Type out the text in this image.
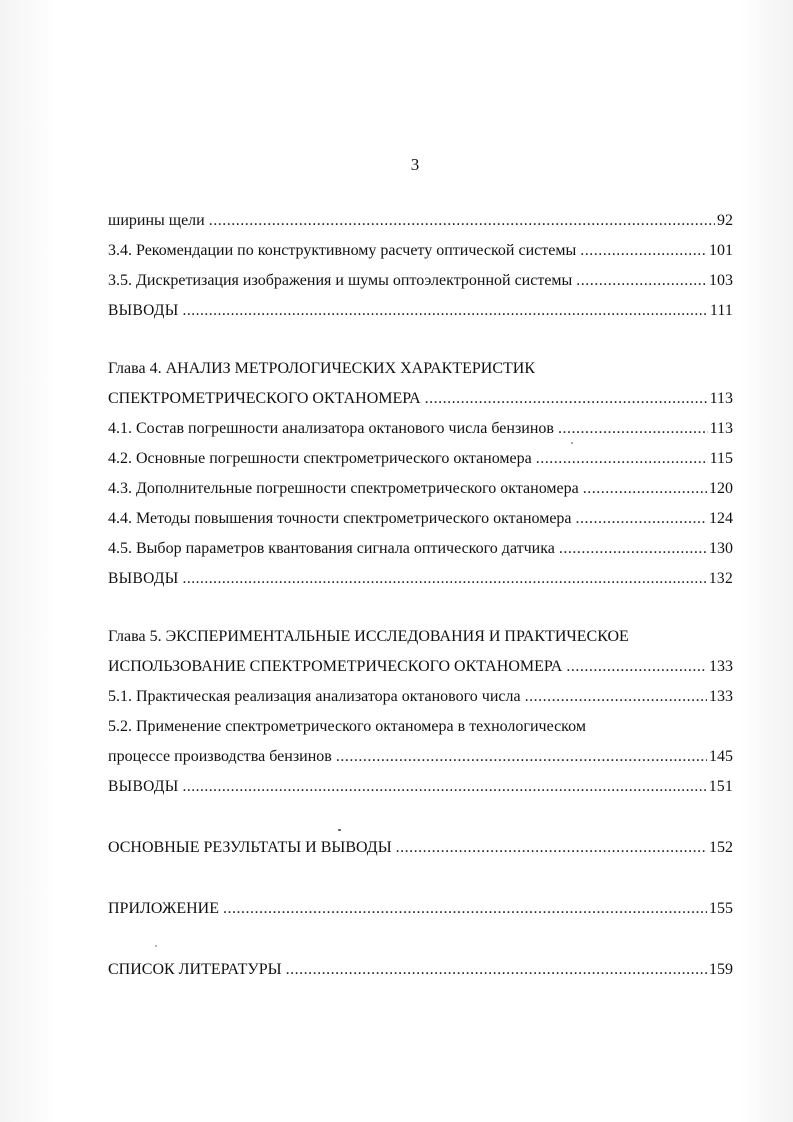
3
ширины щели .....	92
3.4. Рекомендации по конструктивному расчету оптической системы .....	101
3.5. Дискретизация изображения и шумы оптоэлектронной системы .....	103
ВЫВОДЫ .....	111
Глава 4. АНАЛИЗ МЕТРОЛОГИЧЕСКИХ ХАРАКТЕРИСТИК
СПЕКТРОМЕТРИЧЕСКОГО ОКТАНОМЕРА .....	113
4.1. Состав погрешности анализатора октанового числа бензинов .....	113
4.2. Основные погрешности спектрометрического октаномера .....	115
4.3. Дополнительные погрешности спектрометрического октаномера .....	120
4.4. Методы повышения точности спектрометрического октаномера .....	124
4.5. Выбор параметров квантования сигнала оптического датчика .....	130
ВЫВОДЫ .....	132
Глава 5. ЭКСПЕРИМЕНТАЛЬНЫЕ ИССЛЕДОВАНИЯ И ПРАКТИЧЕСКОЕ
ИСПОЛЬЗОВАНИЕ СПЕКТРОМЕТРИЧЕСКОГО ОКТАНОМЕРА .....	133
5.1. Практическая реализация анализатора октанового числа .....	133
5.2. Применение спектрометрического октаномера в технологическом
процессе производства бензинов .....	145
ВЫВОДЫ .....	151
ОСНОВНЫЕ РЕЗУЛЬТАТЫ И ВЫВОДЫ .....	152
ПРИЛОЖЕНИЕ .....	155
СПИСОК ЛИТЕРАТУРЫ .....	159
